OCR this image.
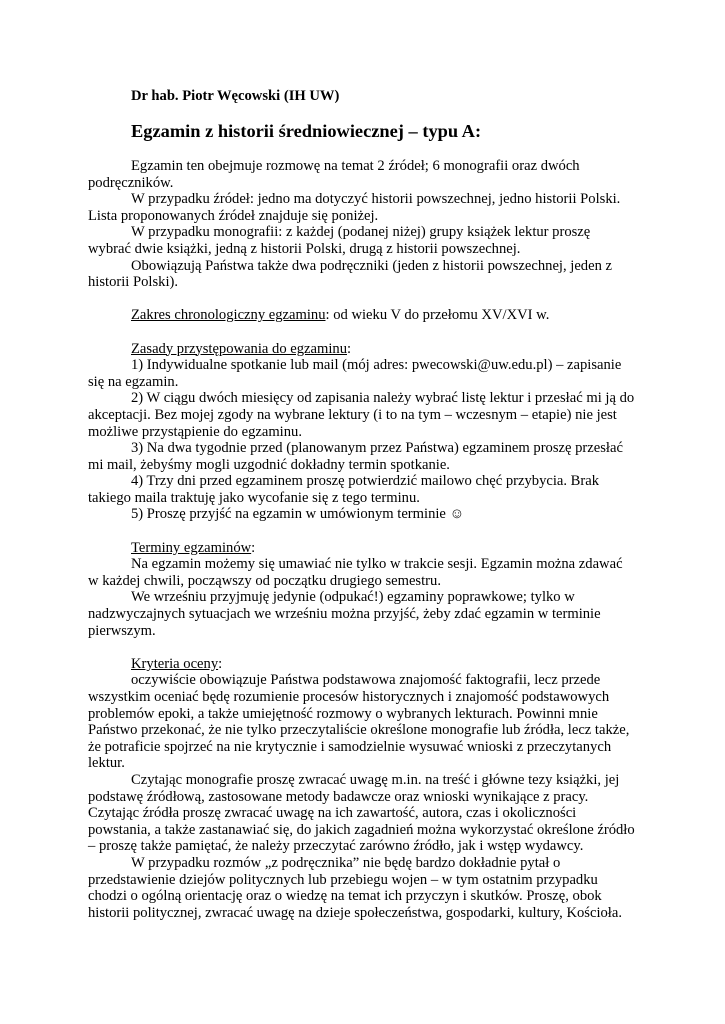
Dr hab. Piotr Węcowski (IH UW)
Egzamin z historii średniowiecznej – typu A:

Egzamin ten obejmuje rozmowę na temat 2 źródeł; 6 monografii oraz dwóch podręczników.

W przypadku źródeł: jedno ma dotyczyć historii powszechnej, jedno historii Polski. Lista proponowanych źródeł znajduje się poniżej.

W przypadku monografii: z każdej (podanej niżej) grupy książek lektur proszę wybrać dwie książki, jedną z historii Polski, drugą z historii powszechnej.

Obowiązują Państwa także dwa podręczniki (jeden z historii powszechnej, jeden z historii Polski).

Zakres chronologiczny egzaminu: od wieku V do przełomu XV/XVI w.

Zasady przystępowania do egzaminu:

1) Indywidualne spotkanie lub mail (mój adres: pwecowski@uw.edu.pl) – zapisanie się na egzamin.

2) W ciągu dwóch miesięcy od zapisania należy wybrać listę lektur i przesłać mi ją do akceptacji. Bez mojej zgody na wybrane lektury (i to na tym – wczesnym – etapie) nie jest możliwe przystąpienie do egzaminu.

3) Na dwa tygodnie przed (planowanym przez Państwa) egzaminem proszę przesłać mi mail, żebyśmy mogli uzgodnić dokładny termin spotkanie.

4) Trzy dni przed egzaminem proszę potwierdzić mailowo chęć przybycia. Brak takiego maila traktuję jako wycofanie się z tego terminu.

5) Proszę przyjść na egzamin w umówionym terminie ☺

Terminy egzaminów:

Na egzamin możemy się umawiać nie tylko w trakcie sesji. Egzamin można zdawać w każdej chwili, począwszy od początku drugiego semestru.

We wrześniu przyjmuję jedynie (odpukać!) egzaminy poprawkowe; tylko w nadzwyczajnych sytuacjach we wrześniu można przyjść, żeby zdać egzamin w terminie pierwszym.

Kryteria oceny:

oczywiście obowiązuje Państwa podstawowa znajomość faktografii, lecz przede wszystkim oceniać będę rozumienie procesów historycznych i znajomość podstawowych problemów epoki, a także umiejętność rozmowy o wybranych lekturach. Powinni mnie Państwo przekonać, że nie tylko przeczytaliście określone monografie lub źródła, lecz także, że potraficie spojrzeć na nie krytycznie i samodzielnie wysuwać wnioski z przeczytanych lektur.

Czytając monografie proszę zwracać uwagę m.in. na treść i główne tezy książki, jej podstawę źródłową, zastosowane metody badawcze oraz wnioski wynikające z pracy. Czytając źródła proszę zwracać uwagę na ich zawartość, autora, czas i okoliczności powstania, a także zastanawiać się, do jakich zagadnień można wykorzystać określone źródło – proszę także pamiętać, że należy przeczytać zarówno źródło, jak i wstęp wydawcy.

W przypadku rozmów „z podręcznika” nie będę bardzo dokładnie pytał o przedstawienie dziejów politycznych lub przebiegu wojen – w tym ostatnim przypadku chodzi o ogólną orientację oraz o wiedzę na temat ich przyczyn i skutków. Proszę, obok historii politycznej, zwracać uwagę na dzieje społeczeństwa, gospodarki, kultury, Kościoła.
